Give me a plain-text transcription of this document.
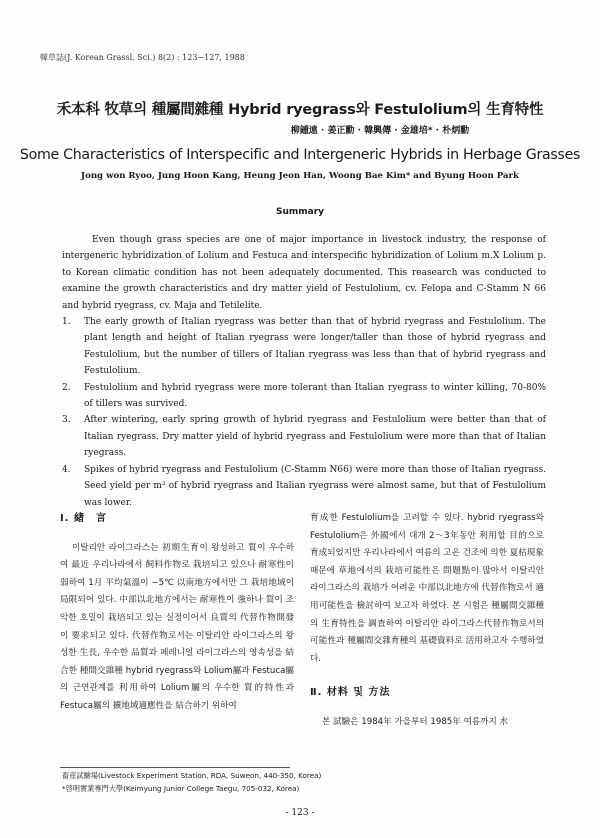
韓草誌(J. Korean Grassl. Sci.) 8(2) : 123−127, 1988
禾本科 牧草의 種屬間雜種 Hybrid ryegrass와 Festulolium의 生育特性
柳鍾遠 · 姜正勳 · 韓興傳 · 金雄培* · 朴炳勳
Some Characteristics of Interspecific and Intergeneric Hybrids in Herbage Grasses
Jong won Ryoo, Jung Hoon Kang, Heung Jeon Han, Woong Bae Kim* and Byung Hoon Park
Summary

Even though grass species are one of major importance in livestock industry, the response of intergeneric hybridization of Lolium and Festuca and interspecific hybridization of Lolium m.X Lolium p. to Korean climatic condition has not been adequately documented. This reasearch was conducted to examine the growth characteristics and dry matter yield of Festulolium, cv. Felopa and C-Stamm N 66 and hybrid ryegrass, cv. Maja and Tetilelite.

1. The early growth of Italian ryegrass was better than that of hybrid ryegrass and Festulolium. The plant length and height of Italian ryegrass were longer/taller than those of hybrid ryegrass and Festulolium, but the number of tillers of Italian ryegrass was less than that of hybrid ryegrass and Festulolium.
2. Festulolium and hybrid ryegrass were more tolerant than Italian ryegrass to winter killing, 70-80% of tillers was survived.
3. After wintering, early spring growth of hybrid ryegrass and Festulolium were better than that of Italian ryegrass. Dry matter yield of hybrid ryegrass and Festulolium were more than that of Italian ryegrass.
4. Spikes of hybrid ryegrass and Festulolium (C-Stamm N66) were more than those of Italian ryegrass. Seed yield per m² of hybrid ryegrass and Italian ryegrass were almost same, but that of Festulolium was lower.
Ⅰ. 緖　言

이탈리안 라이그라스는 初期生育이 왕성하고 質이 우수하여 最近 우리나라에서 飼料作物로 栽培되고 있으나 耐寒性이 弱하여 1月 平均氣溫이 −5℃ 以南地方에서만 그 栽培地域이 局限되어 있다. 中部以北地方에서는 耐寒性이 強하나 質이 조악한 호밀이 栽培되고 있는 실정이어서 良質의 代替作物開發이 要求되고 있다. 代替作物로서는 이탈리안 라이그라스의 왕성한 生長, 우수한 品質과 페레니얼 라이그라스의 영속성을 結合한 種間交雜種 hybrid ryegrass와 Lolium屬과 Festuca屬의 근연관계를 利用하여 Lolium屬의 우수한 質的特性과 Festuca屬의 擴地域適應性을 結合하기 위하여

育成한 Festulolium을 고려할 수 있다. hybrid ryegrass와 Festulolium은 外國에서 대개 2～3年동안 利用할 目的으로 育成되었지만 우리나라에서 여름의 고온 건조에 의한 夏枯現象 때문에 草地에서의 栽培可能性은 問題點이 많아서 이탈리안 라이그라스의 栽培가 어려운 中部以北地方에 代替作物로서 適用可能性을 檢討하여 보고자 하였다. 본 시험은 種屬間交雜種의 生育特性을 調査하여 이탈리안 라이그라스代替作物로서의 可能性과 種屬間交雜育種의 基礎資料로 活用하고자 수행하였다.

Ⅱ. 材料 및 方法

본 試驗은 1984年 가을부터 1985年 여름까지 水

畜産試驗場(Livestock Experiment Station, RDA, Suweon, 440-350, Korea)
*啓明實業專門大學(Keimyung Junior College Taegu, 705-032, Korea)
- 123 -
